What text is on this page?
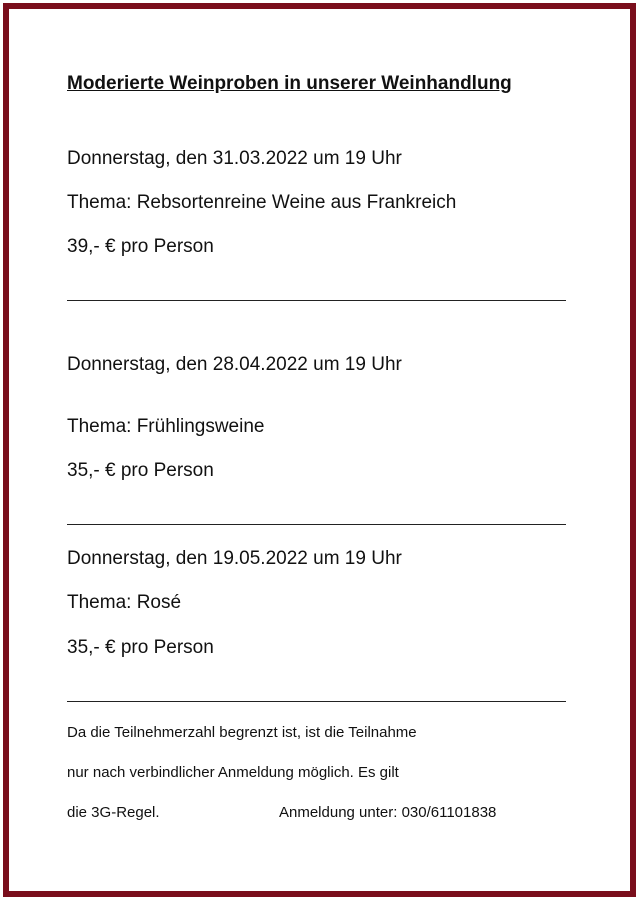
Moderierte Weinproben in unserer Weinhandlung
Donnerstag, den 31.03.2022 um 19 Uhr
Thema: Rebsortenreine Weine aus Frankreich
39,- € pro Person
Donnerstag, den 28.04.2022 um 19 Uhr
Thema: Frühlingsweine
35,- € pro Person
Donnerstag, den 19.05.2022 um 19 Uhr
Thema: Rosé
35,- € pro Person
Da die Teilnehmerzahl begrenzt ist, ist die Teilnahme
nur nach verbindlicher Anmeldung möglich. Es gilt
die 3G-Regel.	Anmeldung unter: 030/61101838
